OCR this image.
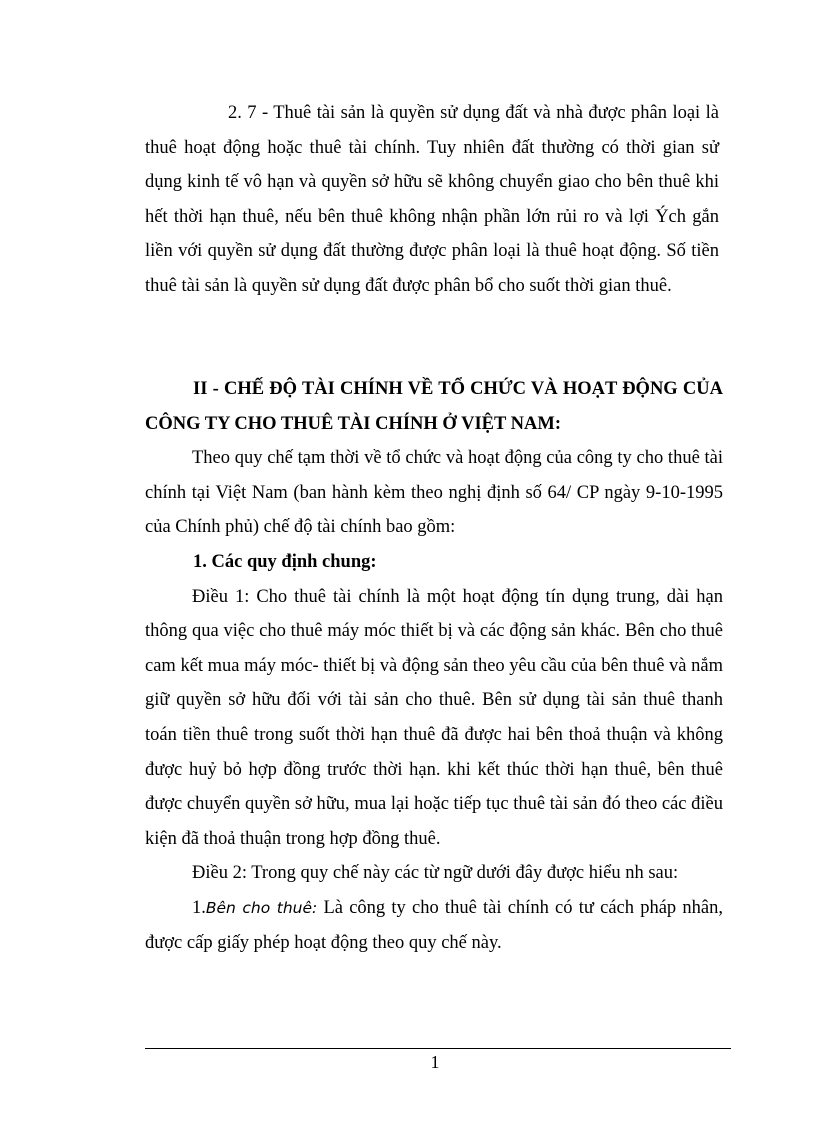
2. 7 - Thuê tài sản là quyền sử dụng đất và nhà được phân loại là thuê hoạt động hoặc thuê tài chính. Tuy nhiên đất thường có thời gian sử dụng kinh tế vô hạn và quyền sở hữu sẽ không chuyển giao cho bên thuê khi hết thời hạn thuê, nếu bên thuê không nhận phần lớn rủi ro và lợi Ých gắn liền với quyền sử dụng đất thường được phân loại là thuê hoạt động. Số tiền thuê tài sản là quyền sử dụng đất được phân bổ cho suốt thời gian thuê.

II - CHẾ ĐỘ TÀI CHÍNH VỀ TỔ CHỨC VÀ HOẠT ĐỘNG CỦA CÔNG TY CHO THUÊ TÀI CHÍNH Ở VIỆT NAM:

Theo quy chế tạm thời về tổ chức và hoạt động của công ty cho thuê tài chính tại Việt Nam (ban hành kèm theo nghị định số 64/ CP ngày 9-10-1995 của Chính phủ) chế độ tài chính bao gồm:

1. Các quy định chung:

Điều 1: Cho thuê tài chính là một hoạt động tín dụng trung, dài hạn thông qua việc cho thuê máy móc thiết bị và các động sản khác. Bên cho thuê cam kết mua máy móc- thiết bị và động sản theo yêu cầu của bên thuê và nắm giữ quyền sở hữu đối với tài sản cho thuê. Bên sử dụng tài sản thuê thanh toán tiền thuê trong suốt thời hạn thuê đã được hai bên thoả thuận và không được huỷ bỏ hợp đồng trước thời hạn. khi kết thúc thời hạn thuê, bên thuê được chuyển quyền sở hữu, mua lại hoặc tiếp tục thuê tài sản đó theo các điều kiện đã thoả thuận trong hợp đồng thuê.

Điều 2: Trong quy chế này các từ ngữ dưới đây được hiểu nh sau:

1.Bên cho thuê: Là công ty cho thuê tài chính có tư cách pháp nhân, được cấp giấy phép hoạt động theo quy chế này.

1
